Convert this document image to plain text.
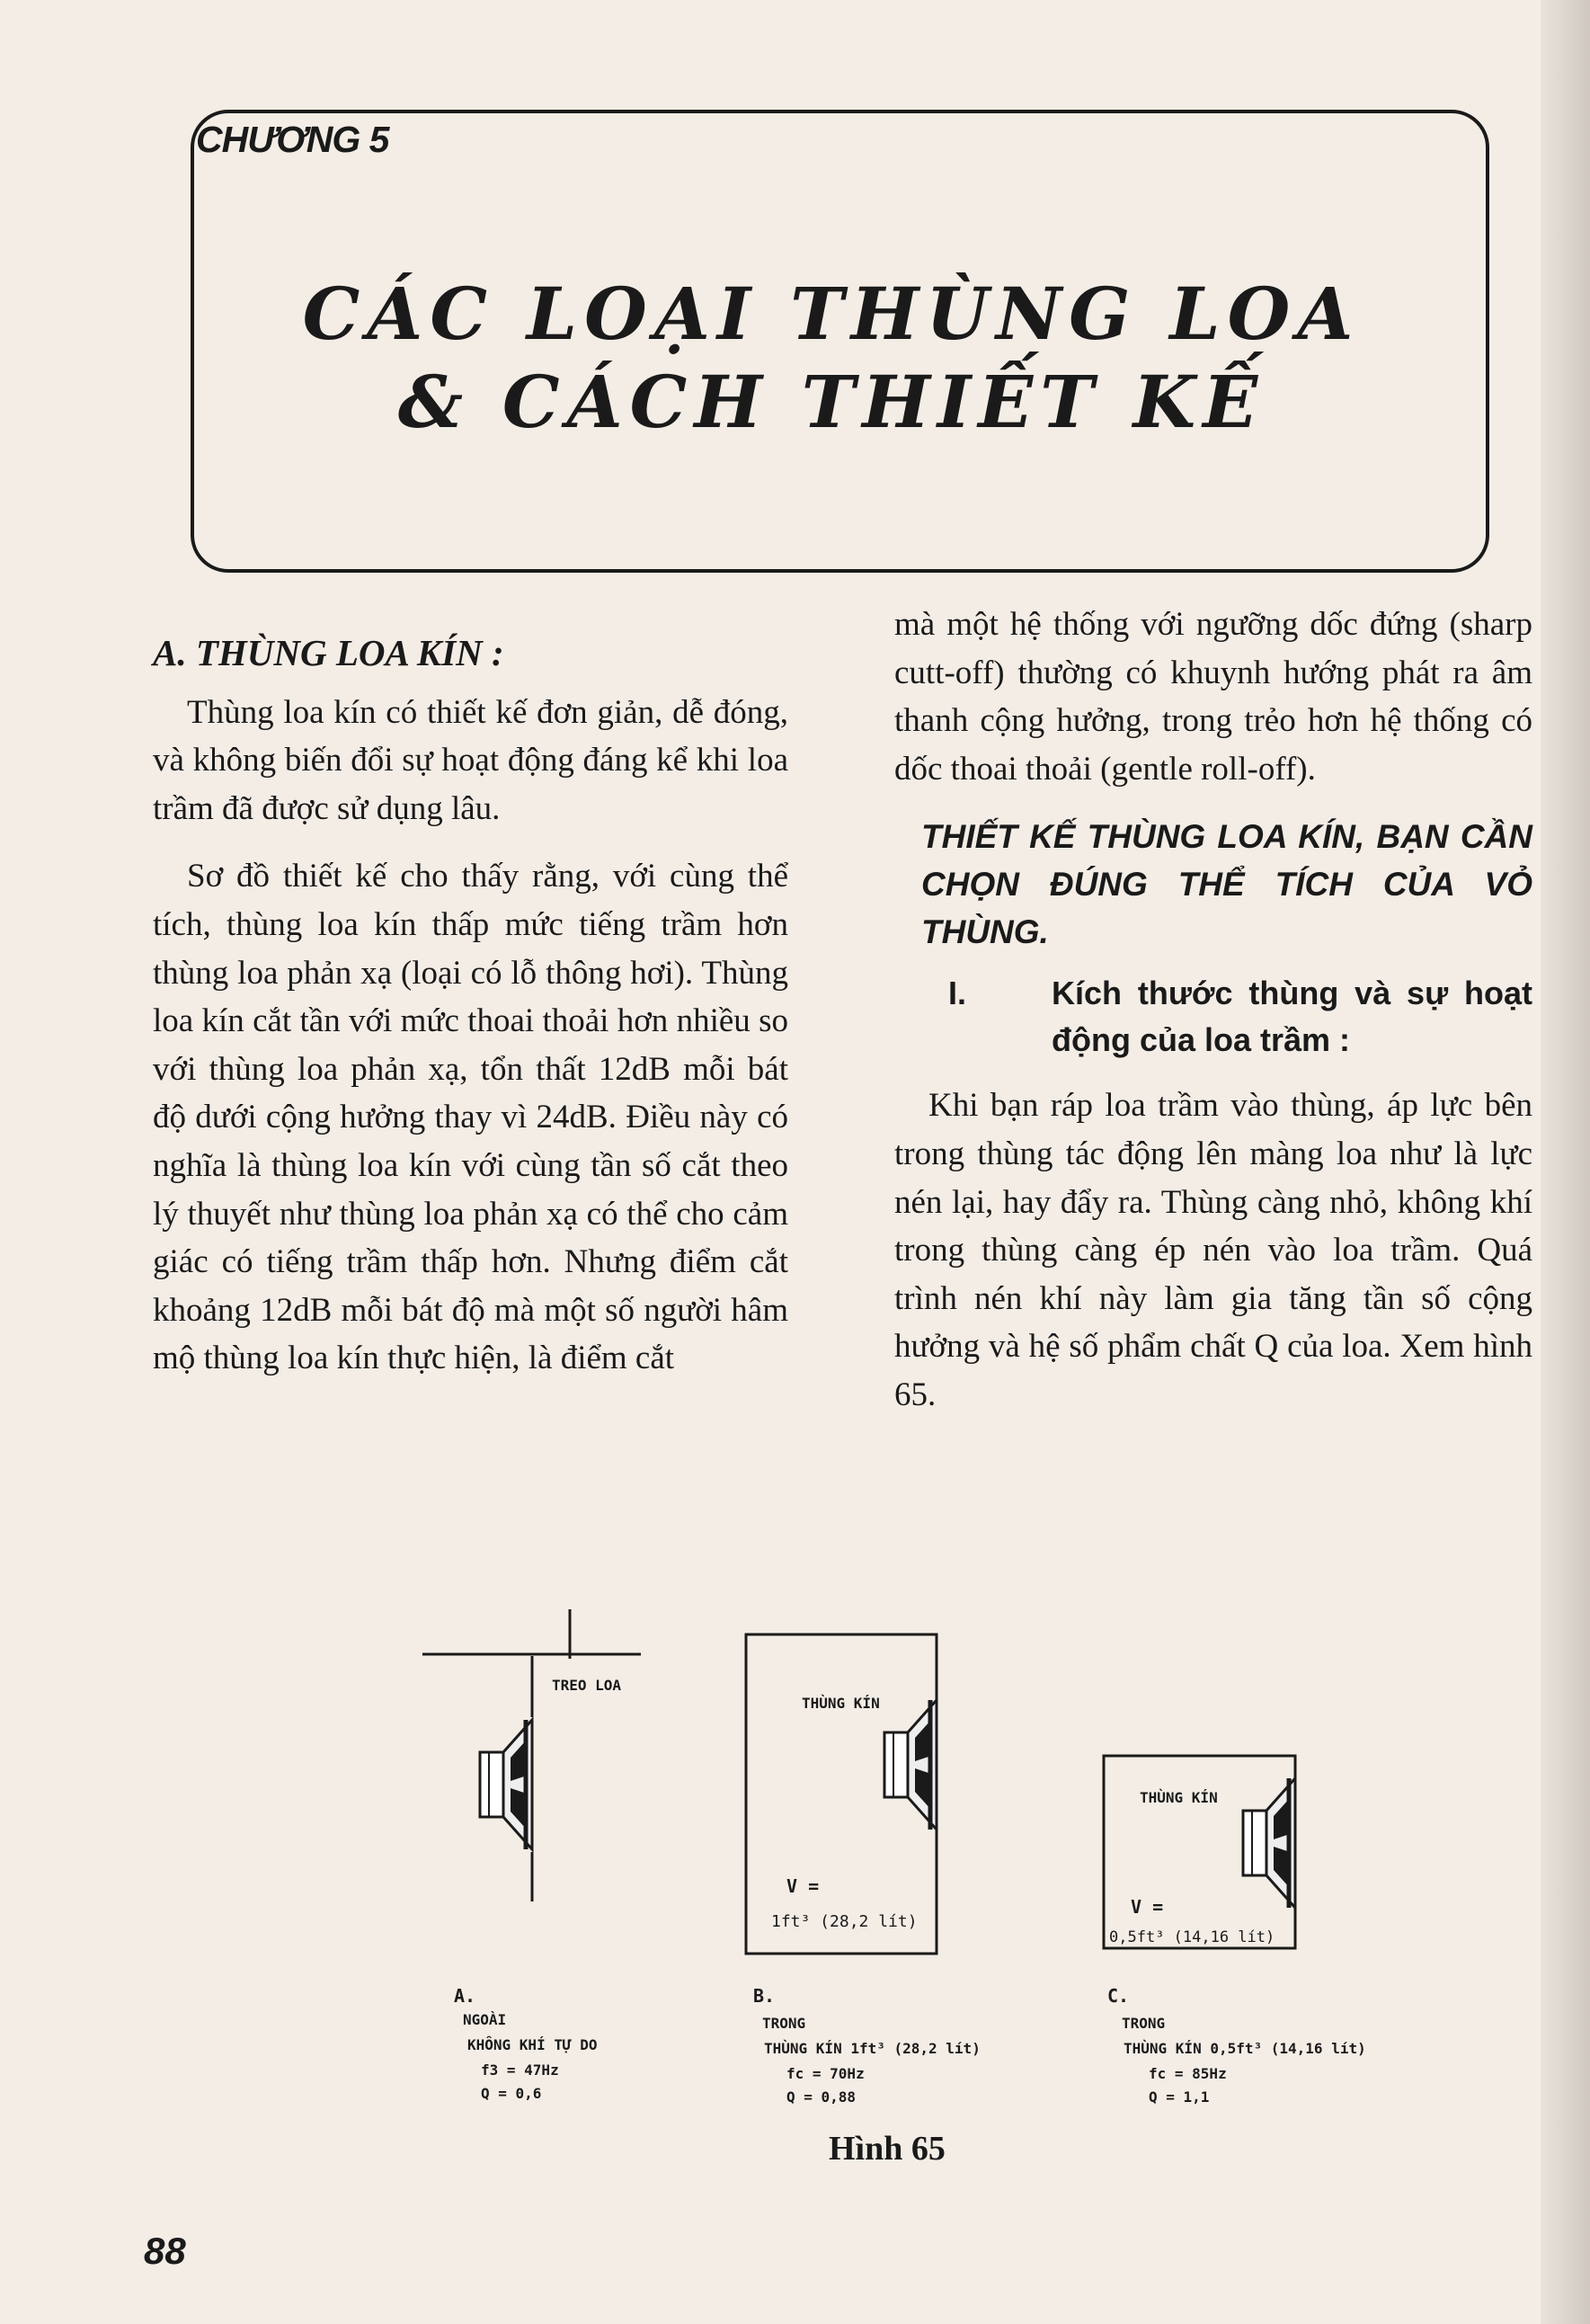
CHƯƠNG 5
CÁC LOẠI THÙNG LOA
& CÁCH THIẾT KẾ
A. THÙNG LOA KÍN :

Thùng loa kín có thiết kế đơn giản, dễ đóng, và không biến đổi sự hoạt động đáng kể khi loa trầm đã được sử dụng lâu.

Sơ đồ thiết kế cho thấy rằng, với cùng thể tích, thùng loa kín thấp mức tiếng trầm hơn thùng loa phản xạ (loại có lỗ thông hơi). Thùng loa kín cắt tần với mức thoai thoải hơn nhiều so với thùng loa phản xạ, tổn thất 12dB mỗi bát độ dưới cộng hưởng thay vì 24dB. Điều này có nghĩa là thùng loa kín với cùng tần số cắt theo lý thuyết như thùng loa phản xạ có thể cho cảm giác có tiếng trầm thấp hơn. Nhưng điểm cắt khoảng 12dB mỗi bát độ mà một số người hâm mộ thùng loa kín thực hiện, là điểm cắt

mà một hệ thống với ngưỡng dốc đứng (sharp cutt-off) thường có khuynh hướng phát ra âm thanh cộng hưởng, trong trẻo hơn hệ thống có dốc thoai thoải (gentle roll-off).

THIẾT KẾ THÙNG LOA KÍN, BẠN CẦN CHỌN ĐÚNG THỂ TÍCH CỦA VỎ THÙNG.
I.	Kích thước thùng và sự hoạt động của loa trầm :

Khi bạn ráp loa trầm vào thùng, áp lực bên trong thùng tác động lên màng loa như là lực nén lại, hay đẩy ra. Thùng càng nhỏ, không khí trong thùng càng ép nén vào loa trầm. Quá trình nén khí này làm gia tăng tần số cộng hưởng và hệ số phẩm chất Q của loa. Xem hình 65.

TREO LOA
A.
NGOÀI
KHÔNG KHÍ TỰ DO
f3 = 47Hz
Q = 0,6
THÙNG KÍN
V =
1ft³ (28,2 lít)
B.
TRONG
THÙNG KÍN 1ft³ (28,2 lít)
fc = 70Hz
Q = 0,88
THÙNG KÍN
V =
0,5ft³ (14,16 lít)
C.
TRONG
THÙNG KÍN 0,5ft³ (14,16 lít)
fc = 85Hz
Q = 1,1
Hình 65
88
